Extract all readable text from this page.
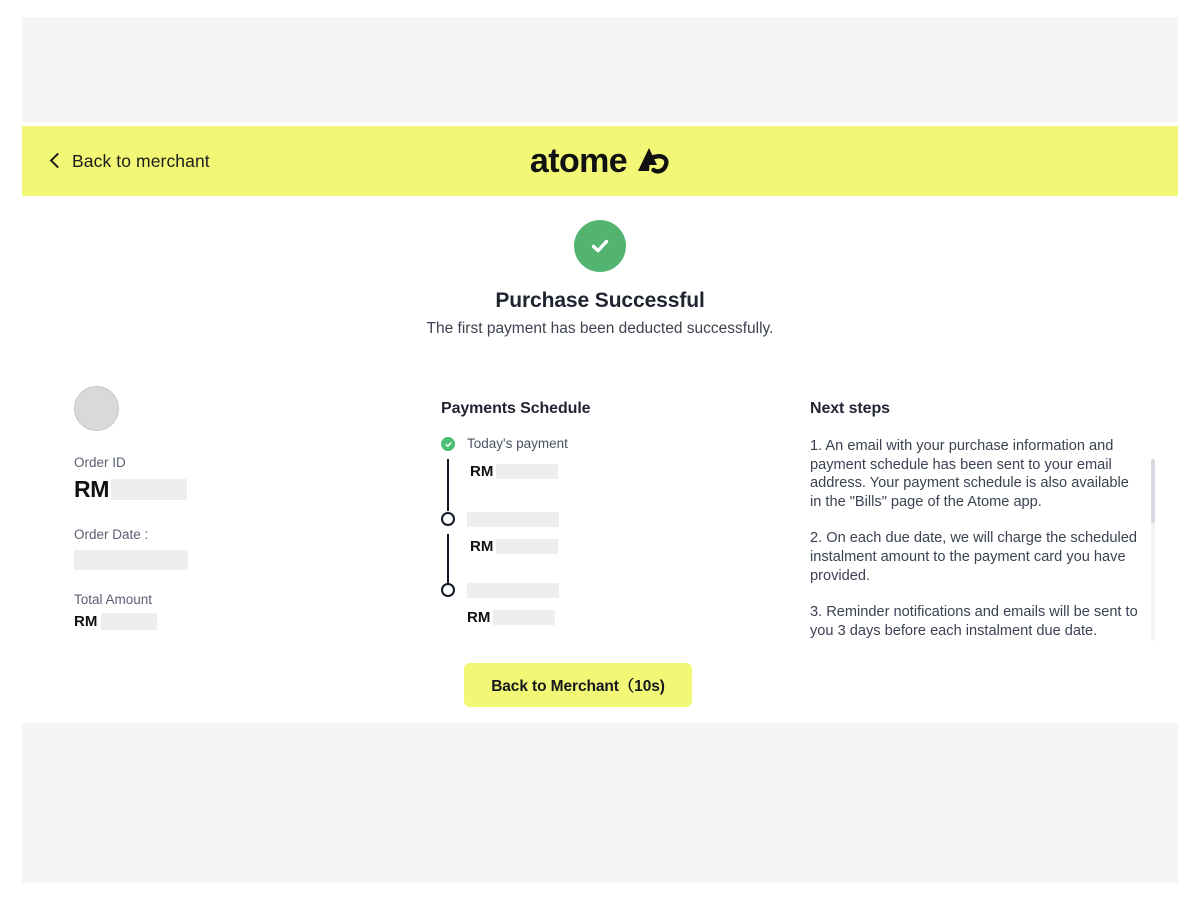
atome
Back to merchant
Purchase Successful
The first payment has been deducted successfully.
Order ID
RM
Order Date :
Total Amount
RM
Payments Schedule
Today's payment
RM
RM
RM
Next steps

1. An email with your purchase information and payment schedule has been sent to your email address. Your payment schedule is also available in the "Bills" page of the Atome app.

2. On each due date, we will charge the scheduled instalment amount to the payment card you have provided.

3. Reminder notifications and emails will be sent to you 3 days before each instalment due date.

Back to Merchant（10s)
